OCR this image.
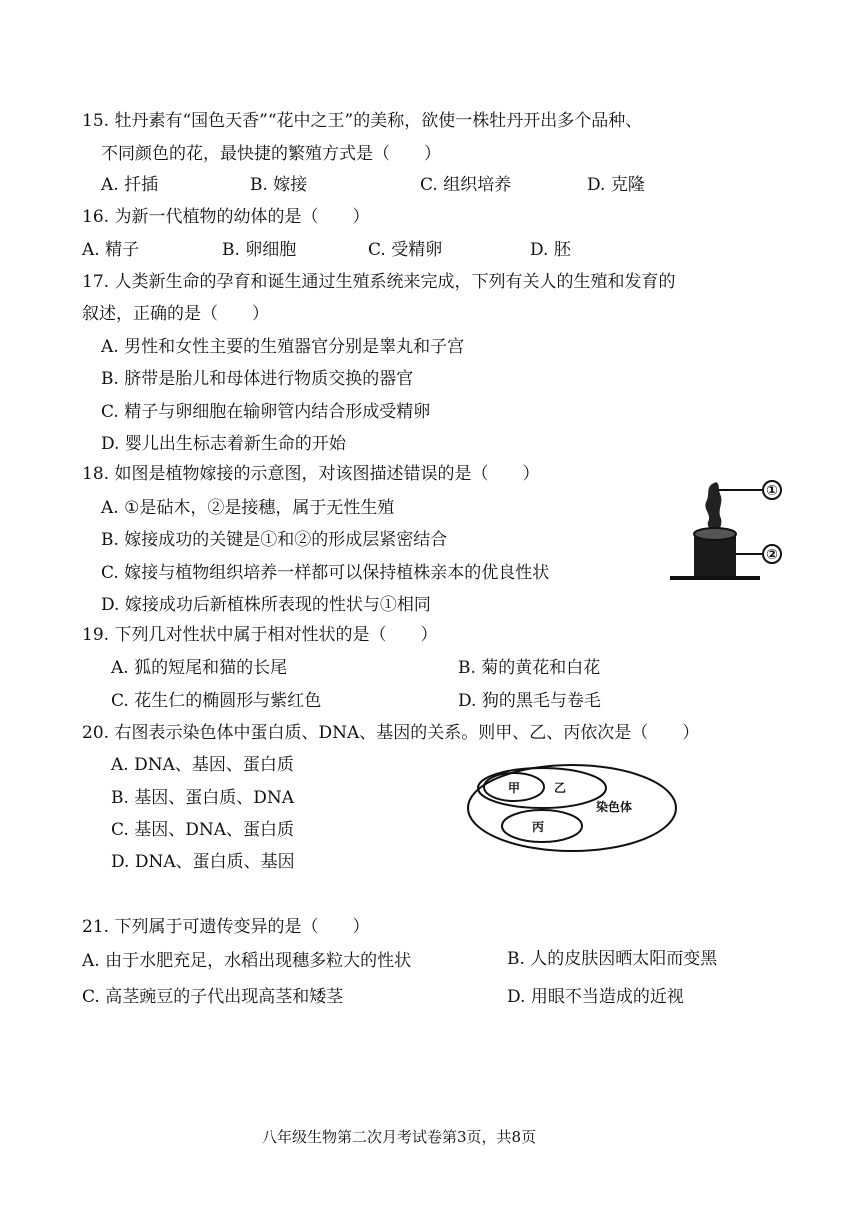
15. 牡丹素有“国色天香”“花中之王”的美称，欲使一株牡丹开出多个品种、
不同颜色的花，最快捷的繁殖方式是（　　）
A. 扦插	B. 嫁接	C. 组织培养	D. 克隆
16. 为新一代植物的幼体的是（　　）
A. 精子	B. 卵细胞	C. 受精卵	D. 胚
17. 人类新生命的孕育和诞生通过生殖系统来完成，下列有关人的生殖和发育的
叙述，正确的是（　　）
A. 男性和女性主要的生殖器官分别是睾丸和子宫
B. 脐带是胎儿和母体进行物质交换的器官
C. 精子与卵细胞在输卵管内结合形成受精卵
D. 婴儿出生标志着新生命的开始
18. 如图是植物嫁接的示意图，对该图描述错误的是（　　）
A. ①是砧木，②是接穗，属于无性生殖
B. 嫁接成功的关键是①和②的形成层紧密结合
C. 嫁接与植物组织培养一样都可以保持植株亲本的优良性状
D. 嫁接成功后新植株所表现的性状与①相同
①
②
19. 下列几对性状中属于相对性状的是（　　）
A. 狐的短尾和猫的长尾	B. 菊的黄花和白花
C. 花生仁的椭圆形与紫红色	D. 狗的黑毛与卷毛
20. 右图表示染色体中蛋白质、DNA、基因的关系。则甲、乙、丙依次是（　　）
A. DNA、基因、蛋白质
B. 基因、蛋白质、DNA
C. 基因、DNA、蛋白质
D. DNA、蛋白质、基因
甲	乙
丙
染色体
21. 下列属于可遗传变异的是（　　）
A. 由于水肥充足，水稻出现穗多粒大的性状	B. 人的皮肤因晒太阳而变黑
C. 高茎豌豆的子代出现高茎和矮茎	D. 用眼不当造成的近视
八年级生物第二次月考试卷第3页，共8页
